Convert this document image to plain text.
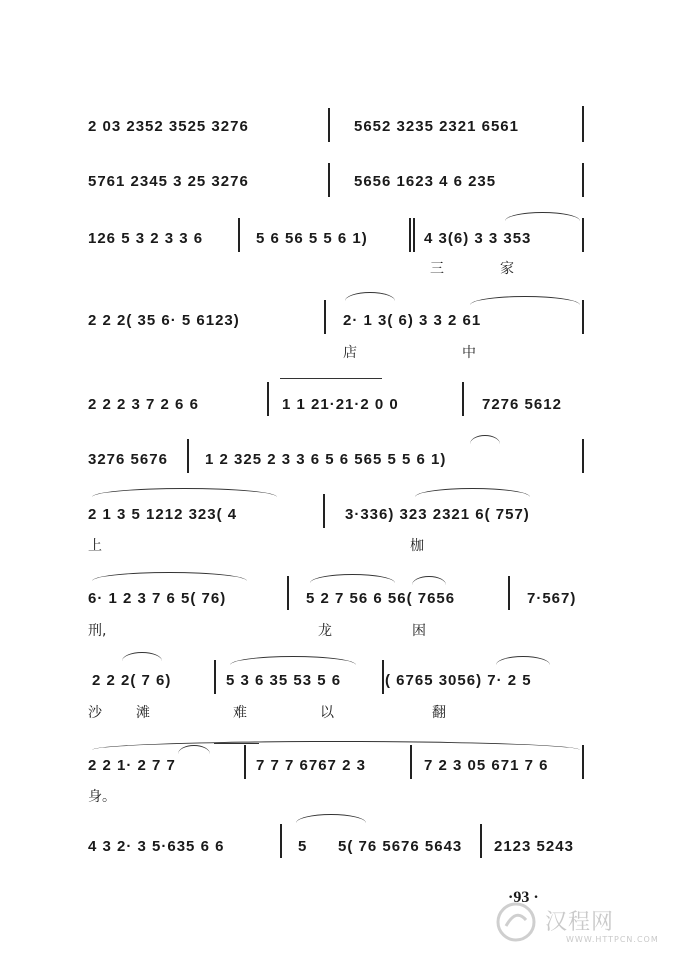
2 03 2352 3525 3276	5652 3235 2321 6561
5761 2345 3 25 3276	5656 1623 4 6 235
126 5 3 2 3 3 6	5 6 56 5 5 6 1)	4 3(6) 3 3 353
三	家
2 2 2( 35 6· 5 6123)	2· 1 3( 6) 3 3 2 61
店	中
2 2 2 3 7 2 6 6	1 1 21·21·2 0 0	7276 5612
3276 5676 1 2 325 2 3 3 6 5 6 565 5 5 6 1)
2 1 3 5 1212 323( 4	3·336) 323 2321 6( 757)
上	枷
6· 1 2 3 7 6 5( 76)	5 2 7 56 6 56( 7656	7·567)
刑,	龙	困
2 2 2( 7 6)	5 3 6 35 53 5 6	( 6765 3056) 7· 2 5
沙 滩	难	以	翻
2 2 1· 2 7 7	7 7 7 6767 2 3	7 2 3 05 671 7 6
身。
4 3 2· 3 5·635 6 6	5 5( 76 5676 5643 2123 5243
·93 ·
汉程网
WWW.HTTPCN.COM
